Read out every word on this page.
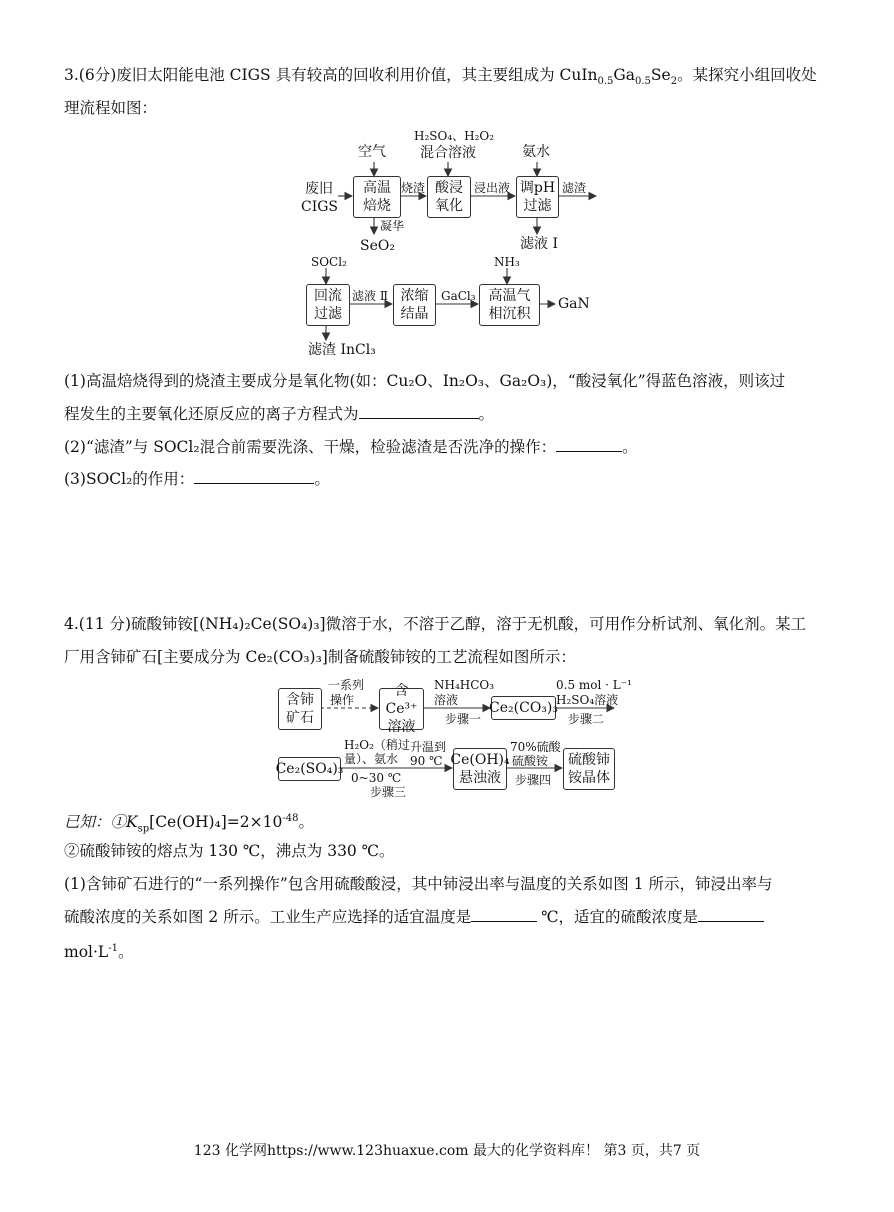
3.(6分)废旧太阳能电池 CIGS 具有较高的回收利用价值，其主要组成为 $CuIn_{0.5}Ga_{0.5}Se_2$。某探究小组回收处
理流程如图：
废旧
CIGS
空气
H₂SO₄、H₂O₂
混合溶液	氨水
高温
焙烧
酸浸
氧化
调pH
过滤
烧渣	浸出液	滤渣
凝华
SeO₂	滤液 I
SOCl₂	NH₃
回流
过滤
浓缩
结晶
高温气
相沉积
滤液 Ⅱ	GaCl₃	GaN
滤渣 InCl₃
(1)高温焙烧得到的烧渣主要成分是氧化物(如：Cu₂O、In₂O₃、Ga₂O₃)，“酸浸氧化”得蓝色溶液，则该过
程发生的主要氧化还原反应的离子方程式为	。
(2)“滤渣”与 SOCl₂混合前需要洗涤、干燥，检验滤渣是否洗净的操作：	。
(3)SOCl₂的作用：	。
4.(11 分)硫酸铈铵[(NH₄)₂Ce(SO₄)₃]微溶于水，不溶于乙醇，溶于无机酸，可用作分析试剂、氧化剂。某工
厂用含铈矿石[主要成分为 Ce₂(CO₃)₃]制备硫酸铈铵的工艺流程如图所示：
含铈
矿石
一系列
操作
含Ce³⁺
溶液
NH₄HCO₃
溶液
步骤一
Ce₂(CO₃)₃
0.5 mol · L⁻¹
H₂SO₄溶液
步骤二
Ce₂(SO₄)₃
H₂O₂（稍过
量）、氨水
0~30 ℃
步骤三
升温到
90 ℃ Ce(OH)₄
悬浊液
70%硫酸
硫酸铵
步骤四
硫酸铈
铵晶体
已知：$①K_{sp}[Ce(OH)_4]=2\times 10^{-48}$。
②硫酸铈铵的熔点为 130 ℃，沸点为 330 ℃。
(1)含铈矿石进行的“一系列操作”包含用硫酸酸浸，其中铈浸出率与温度的关系如图 1 所示，铈浸出率与
硫酸浓度的关系如图 2 所示。工业生产应选择的适宜温度是	℃，适宜的硫酸浓度是
$mol\cdot L^{-1}$。
123 化学网https://www.123huaxue.com 最大的化学资料库！ 第3 页，共7 页
